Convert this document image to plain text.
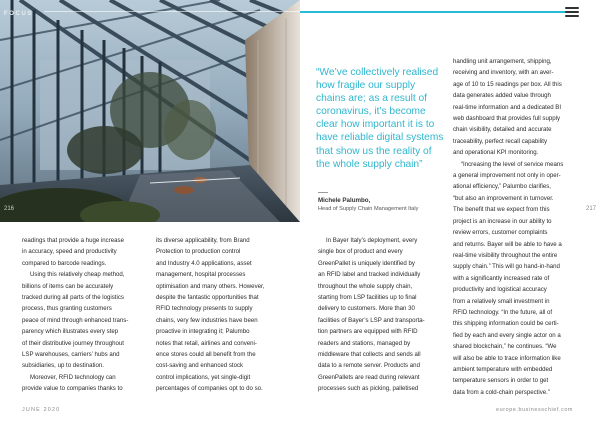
FOCUS
216	217
“We’ve collectively realised how fragile our supply chains are; as a result of coronavirus, it’s become clear how important it is to have reliable digital systems that show us the reality of the whole supply chain”
Michele Palumbo,
Head of Supply Chain Management Italy

readings that provide a huge increase

in accuracy, speed and productivity

compared to barcode readings.

Using this relatively cheap method,

billions of items can be accurately

tracked during all parts of the logistics

process, thus granting customers

peace of mind through enhanced trans-

parency which illustrates every step

of their distributive journey throughout

LSP warehouses, carriers’ hubs and

subsidiaries, up to destination.

Moreover, RFID technology can

provide value to companies thanks to

its diverse applicability, from Brand

Protection to production control

and Industry 4.0 applications, asset

management, hospital processes

optimisation and many others. However,

despite the fantastic opportunities that

RFID technology presents to supply

chains, very few industries have been

proactive in integrating it; Palumbo

notes that retail, airlines and conveni-

ence stores could all benefit from the

cost-saving and enhanced stock

control implications, yet single-digit

percentages of companies opt to do so.

In Bayer Italy’s deployment, every

single box of product and every

GreenPallet is uniquely identified by

an RFID label and tracked individually

throughout the whole supply chain,

starting from LSP facilities up to final

delivery to customers. More than 30

facilities of Bayer’s LSP and transporta-

tion partners are equipped with RFID

readers and stations, managed by

middleware that collects and sends all

data to a remote server. Products and

GreenPallets are read during relevant

processes such as picking, palletised

handling unit arrangement, shipping,

receiving and inventory, with an aver-

age of 10 to 15 readings per box. All this

data generates added value through

real-time information and a dedicated BI

web dashboard that provides full supply

chain visibility, detailed and accurate

traceability, perfect recall capability

and operational KPI monitoring.

“Increasing the level of service means

a general improvement not only in oper-

ational efficiency,” Palumbo clarifies,

“but also an improvement in turnover.

The benefit that we expect from this

project is an increase in our ability to

review errors, customer complaints

and returns. Bayer will be able to have a

real-time visibility throughout the entire

supply chain.” This will go hand-in-hand

with a significantly increased rate of

productivity and logistical accuracy

from a relatively small investment in

RFID technology. “In the future, all of

this shipping information could be certi-

fied by each and every single actor on a

shared blockchain,” he continues. “We

will also be able to trace information like

ambient temperature with embedded

temperature sensors in order to get

data from a cold-chain perspective.”

JUNE 2020	europe.businesschief.com
